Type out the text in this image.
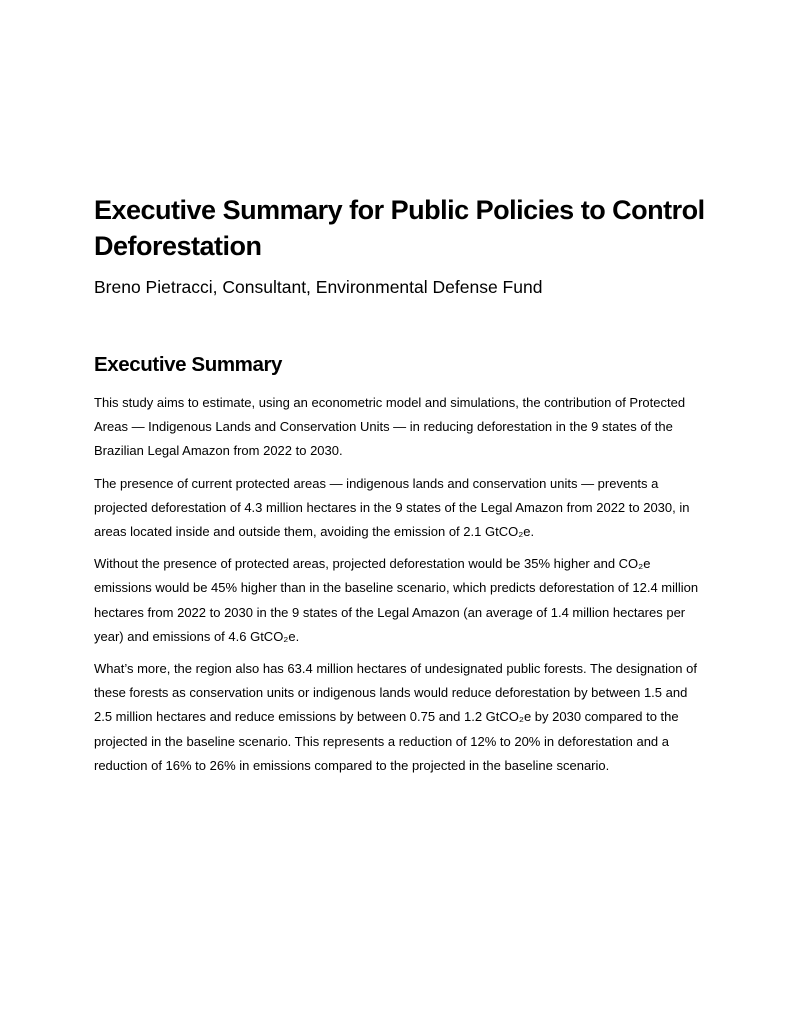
Executive Summary for Public Policies to Control Deforestation

Breno Pietracci, Consultant, Environmental Defense Fund

Executive Summary

This study aims to estimate, using an econometric model and simulations, the contribution of Protected Areas — Indigenous Lands and Conservation Units — in reducing deforestation in the 9 states of the Brazilian Legal Amazon from 2022 to 2030.

The presence of current protected areas — indigenous lands and conservation units — prevents a projected deforestation of 4.3 million hectares in the 9 states of the Legal Amazon from 2022 to 2030, in areas located inside and outside them, avoiding the emission of 2.1 GtCO₂e.

Without the presence of protected areas, projected deforestation would be 35% higher and CO₂e emissions would be 45% higher than in the baseline scenario, which predicts deforestation of 12.4 million hectares from 2022 to 2030 in the 9 states of the Legal Amazon (an average of 1.4 million hectares per year) and emissions of 4.6 GtCO₂e.

What’s more, the region also has 63.4 million hectares of undesignated public forests. The designation of these forests as conservation units or indigenous lands would reduce deforestation by between 1.5 and 2.5 million hectares and reduce emissions by between 0.75 and 1.2 GtCO₂e by 2030 compared to the projected in the baseline scenario. This represents a reduction of 12% to 20% in deforestation and a reduction of 16% to 26% in emissions compared to the projected in the baseline scenario.
